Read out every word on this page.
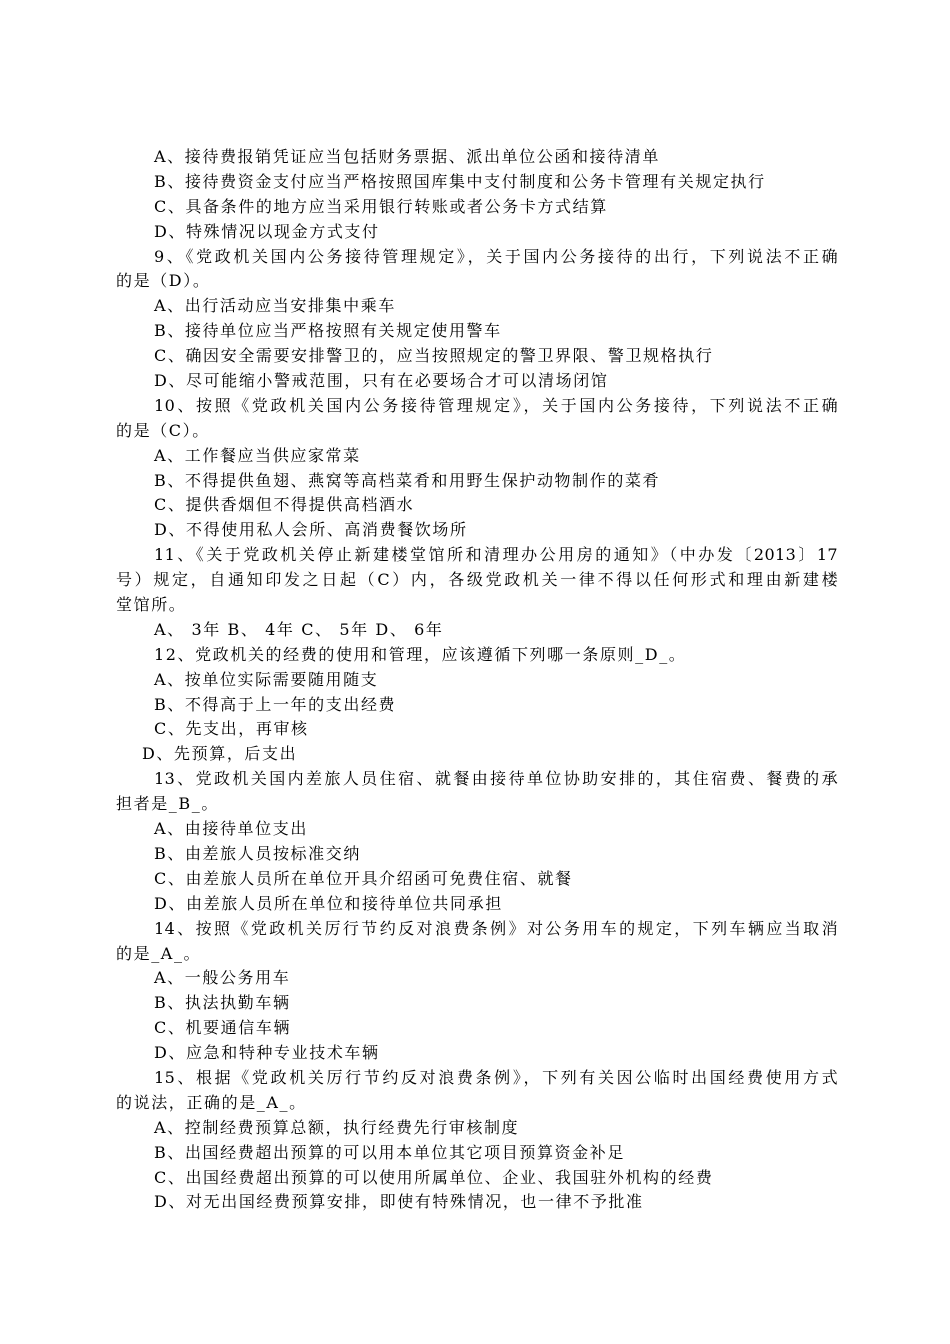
A、接待费报销凭证应当包括财务票据、派出单位公函和接待清单
B、接待费资金支付应当严格按照国库集中支付制度和公务卡管理有关规定执行
C、具备条件的地方应当采用银行转账或者公务卡方式结算
D、特殊情况以现金方式支付
9、《党政机关国内公务接待管理规定》，关于国内公务接待的出行，下列说法不正确
的是（D）。
A、出行活动应当安排集中乘车
B、接待单位应当严格按照有关规定使用警车
C、确因安全需要安排警卫的，应当按照规定的警卫界限、警卫规格执行
D、尽可能缩小警戒范围，只有在必要场合才可以清场闭馆
10、按照《党政机关国内公务接待管理规定》，关于国内公务接待，下列说法不正确
的是（C）。
A、工作餐应当供应家常菜
B、不得提供鱼翅、燕窝等高档菜肴和用野生保护动物制作的菜肴
C、提供香烟但不得提供高档酒水
D、不得使用私人会所、高消费餐饮场所
11、《关于党政机关停止新建楼堂馆所和清理办公用房的通知》（中办发〔2013〕17
号）规定，自通知印发之日起（C）内，各级党政机关一律不得以任何形式和理由新建楼
堂馆所。
A、 3年 B、 4年 C、 5年 D、 6年
12、党政机关的经费的使用和管理，应该遵循下列哪一条原则_D_。
A、按单位实际需要随用随支
B、不得高于上一年的支出经费
C、先支出，再审核
D、先预算，后支出
13、党政机关国内差旅人员住宿、就餐由接待单位协助安排的，其住宿费、餐费的承
担者是_B_。
A、由接待单位支出
B、由差旅人员按标准交纳
C、由差旅人员所在单位开具介绍函可免费住宿、就餐
D、由差旅人员所在单位和接待单位共同承担
14、按照《党政机关厉行节约反对浪费条例》对公务用车的规定，下列车辆应当取消
的是_A_。
A、一般公务用车
B、执法执勤车辆
C、机要通信车辆
D、应急和特种专业技术车辆
15、根据《党政机关厉行节约反对浪费条例》，下列有关因公临时出国经费使用方式
的说法，正确的是_A_。
A、控制经费预算总额，执行经费先行审核制度
B、出国经费超出预算的可以用本单位其它项目预算资金补足
C、出国经费超出预算的可以使用所属单位、企业、我国驻外机构的经费
D、对无出国经费预算安排，即使有特殊情况，也一律不予批准
